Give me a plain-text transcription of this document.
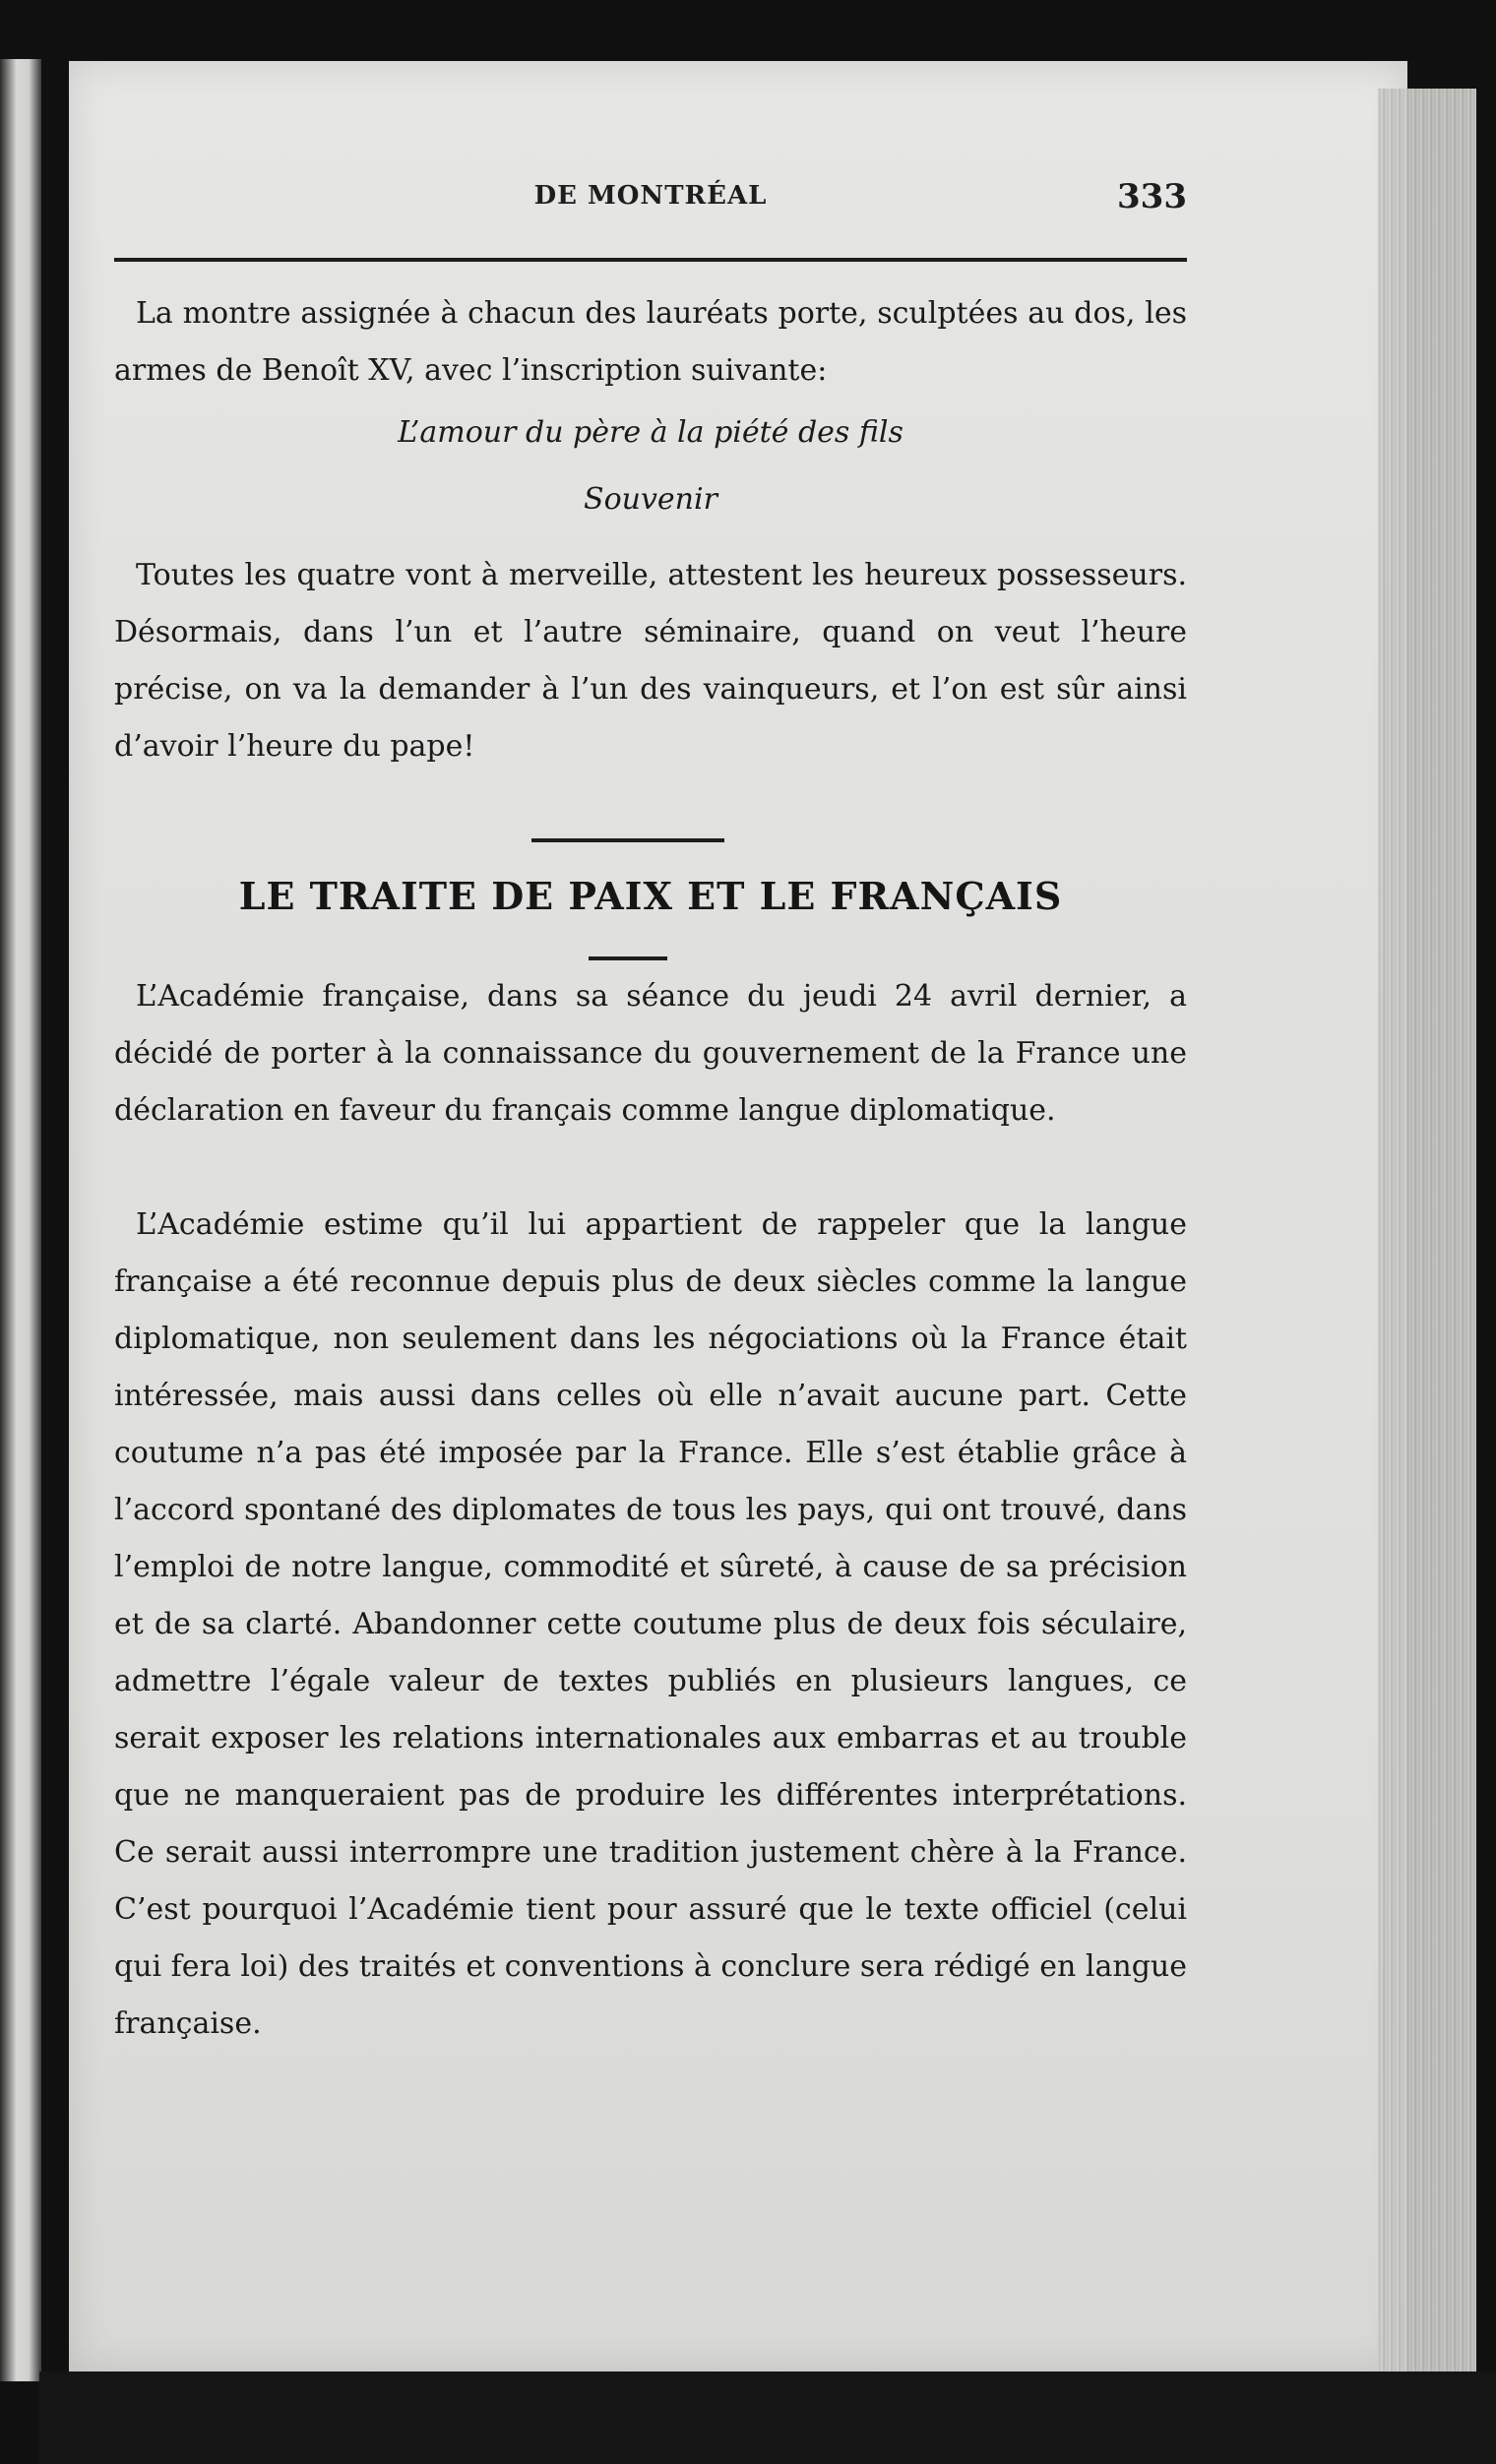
DE MONTRÉAL	333

La montre assignée à chacun des lauréats porte, sculptées au dos, les armes de Benoît XV, avec l’inscription suivante:

L’amour du père à la piété des fils

Souvenir

Toutes les quatre vont à merveille, attestent les heureux possesseurs. Désormais, dans l’un et l’autre séminaire, quand on veut l’heure précise, on va la demander à l’un des vainqueurs, et l’on est sûr ainsi d’avoir l’heure du pape!

LE TRAITE DE PAIX ET LE FRANÇAIS

L’Académie française, dans sa séance du jeudi 24 avril dernier, a décidé de porter à la connaissance du gouvernement de la France une déclaration en faveur du français comme langue diplomatique.

L’Académie estime qu’il lui appartient de rappeler que la langue française a été reconnue depuis plus de deux siècles comme la langue diplomatique, non seulement dans les négociations où la France était intéressée, mais aussi dans celles où elle n’avait aucune part. Cette coutume n’a pas été imposée par la France. Elle s’est établie grâce à l’accord spontané des diplomates de tous les pays, qui ont trouvé, dans l’emploi de notre langue, commodité et sûreté, à cause de sa précision et de sa clarté. Abandonner cette coutume plus de deux fois séculaire, admettre l’égale valeur de textes publiés en plusieurs langues, ce serait exposer les relations internationales aux embarras et au trouble que ne manqueraient pas de produire les différentes interprétations. Ce serait aussi interrompre une tradition justement chère à la France. C’est pourquoi l’Académie tient pour assuré que le texte officiel (celui qui fera loi) des traités et conventions à conclure sera rédigé en langue française.
